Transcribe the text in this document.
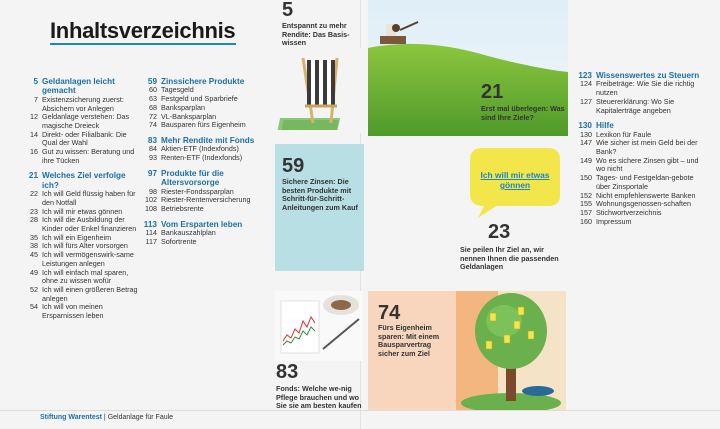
Inhaltsverzeichnis
5 Geldanlagen leicht gemacht
7 Existenzsicherung zuerst: Absichern vor Anlegen
12 Geldanlage verstehen: Das magische Dreieck
14 Direkt- oder Filialbank: Die Qual der Wahl
16 Gut zu wissen: Beratung und ihre Tücken
21 Welches Ziel verfolge ich?
22 Ich will Geld flüssig haben für den Notfall
23 Ich will mir etwas gönnen
28 Ich will die Ausbildung der Kinder oder Enkel finanzieren
35 Ich will ein Eigenheim
38 Ich will fürs Alter vorsorgen
45 Ich will vermögenswirk-same Leistungen anlegen
49 Ich will einfach mal sparen, ohne zu wissen wofür
52 Ich will einen größeren Betrag anlegen
54 Ich will von meinen Ersparnissen leben
59 Zinssichere Produkte
60 Tagesgeld
63 Festgeld und Sparbriefe
68 Banksparplan
72 VL-Banksparplan
74 Bausparen fürs Eigenheim
83 Mehr Rendite mit Fonds
84 Aktien-ETF (Indexfonds)
93 Renten-ETF (Indexfonds)
97 Produkte für die Altersvorsorge
98 Riester-Fondssparplan
102 Riester-Rentenversicherung
108 Betriebsrente
113 Vom Ersparten leben
114 Bankauszahlplan
117 Sofortrente
123 Wissenswertes zu Steuern
124 Freibeträge: Wie Sie die richtig nutzen
127 Steuererklärung: Wo Sie Kapitalerträge angeben
130 Hilfe
130 Lexikon für Faule
147 Wie sicher ist mein Geld bei der Bank?
149 Wo es sichere Zinsen gibt – und wo nicht
150 Tages- und Festgeldan-gebote über Zinsportale
152 Nicht empfehlenswerte Banken
155 Wohnungsgenossen-schaften
157 Stichwortverzeichnis
160 Impressum
5
Entspannt zu mehr Rendite: Das Basis-wissen
21
Erst mal überlegen: Was sind Ihre Ziele?
59
Sichere Zinsen: Die besten Produkte mit Schritt-für-Schritt-Anleitungen zum Kauf
Ich will mir etwas gönnen
23
Sie peilen Ihr Ziel an, wir nennen Ihnen die passenden Geldanlagen
83
Fonds: Welche we-nig Pflege brauchen und wo Sie sie am besten kaufen
74
Fürs Eigenheim sparen: Mit einem Bausparvertrag sicher zum Ziel
Stiftung Warentest | Geldanlage für Faule
